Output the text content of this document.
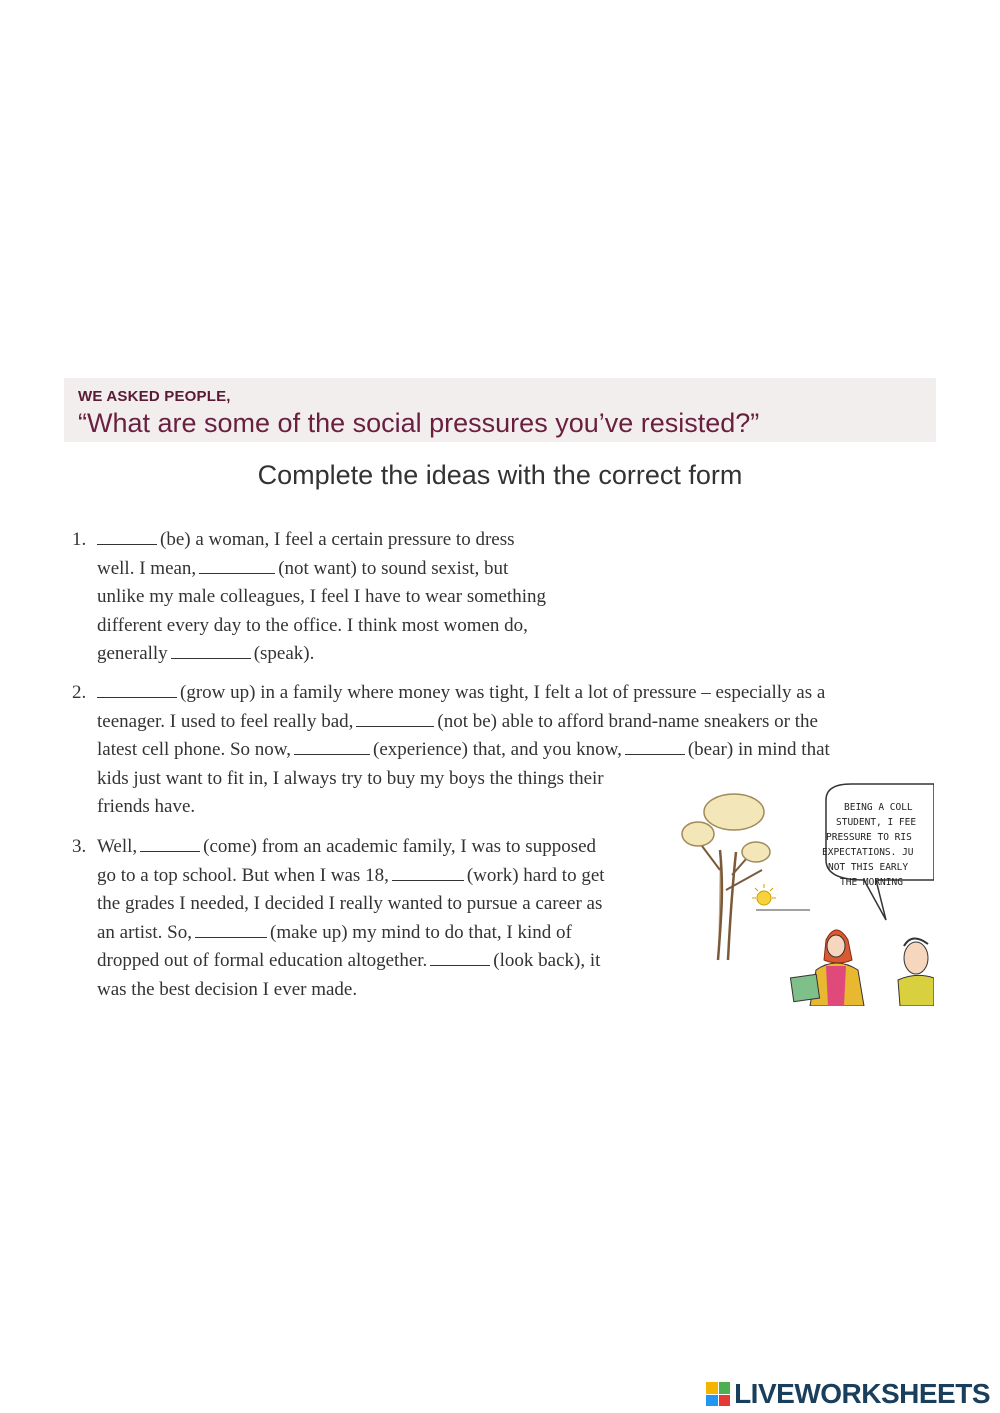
WE ASKED PEOPLE,
“What are some of the social pressures you’ve resisted?”
Complete the ideas with the correct form
1.	(be) a woman, I feel a certain pressure to dress
well. I mean,	(not want) to sound sexist, but
unlike my male colleagues, I feel I have to wear something
different every day to the office. I think most women do,
generally	(speak).
2.	(grow up) in a family where money was tight, I felt a lot of pressure – especially as a
teenager. I used to feel really bad,	(not be) able to afford brand-name sneakers or the
latest cell phone. So now,	(experience) that, and you know,	(bear) in mind that
kids just want to fit in, I always try to buy my boys the things their
friends have.
3. Well,	(come) from an academic family, I was to supposed
go to a top school. But when I was 18,	(work) hard to get
the grades I needed, I decided I really wanted to pursue a career as
an artist. So,	(make up) my mind to do that, I kind of
dropped out of formal education altogether.	(look back), it
was the best decision I ever made.
BEING A COLL
STUDENT, I FEE
PRESSURE TO RIS
EXPECTATIONS. JU
NOT THIS EARLY
THE MORNING
LIVEWORKSHEETS
